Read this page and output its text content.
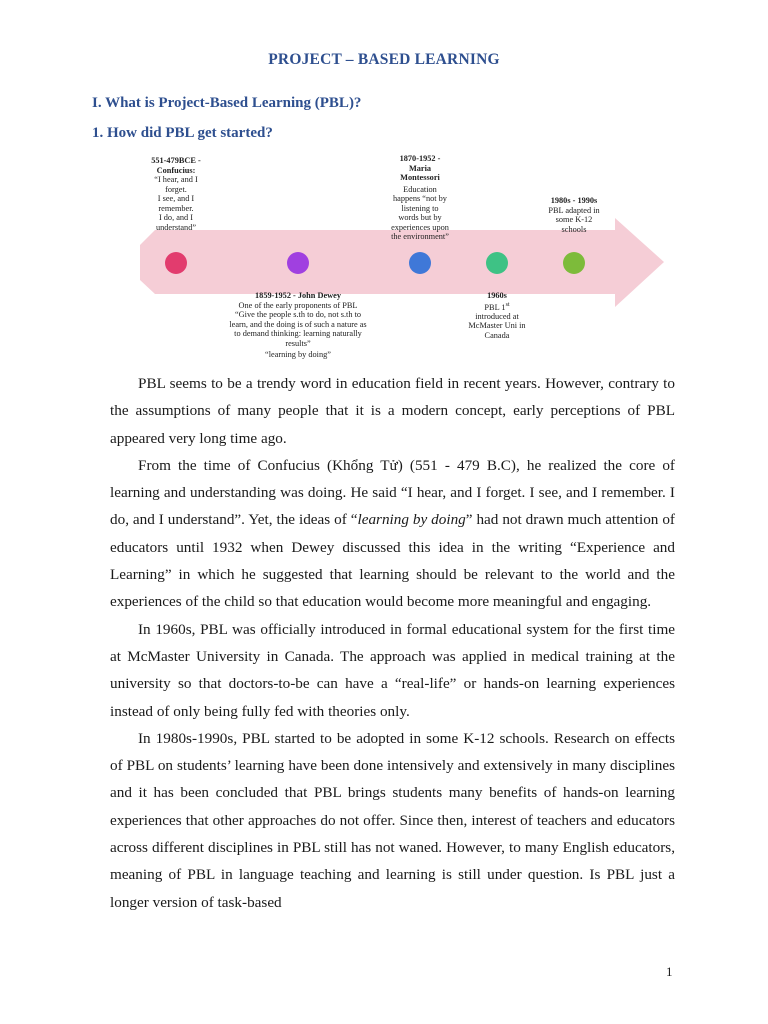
PROJECT – BASED LEARNING
I. What is Project-Based Learning (PBL)?
1. How did PBL get started?
551-479BCE -
Confucius:
“I hear, and I
forget.
I see, and I
remember.
I do, and I
understand”
1859-1952 - John Dewey
One of the early proponents of PBL
“Give the people s.th to do, not s.th to
learn, and the doing is of such a nature as
to demand thinking: learning naturally
results”
“learning by doing”
1870-1952 -
Maria
Montessori
Education
happens “not by
listening to
words but by
experiences upon
the environment”
1960s
PBL 1st
introduced at
McMaster Uni in
Canada
1980s - 1990s
PBL adapted in
some K-12
schools

PBL seems to be a trendy word in education field in recent years. However, contrary to the assumptions of many people that it is a modern concept, early perceptions of PBL appeared very long time ago.

From the time of Confucius (Khổng Tử) (551 - 479 B.C), he realized the core of learning and understanding was doing. He said “I hear, and I forget. I see, and I remember. I do, and I understand”. Yet, the ideas of “learning by doing” had not drawn much attention of educators until 1932 when Dewey discussed this idea in the writing “Experience and Learning” in which he suggested that learning should be relevant to the world and the experiences of the child so that education would become more meaningful and engaging.

In 1960s, PBL was officially introduced in formal educational system for the first time at McMaster University in Canada. The approach was applied in medical training at the university so that doctors-to-be can have a “real-life” or hands-on learning experiences instead of only being fully fed with theories only.

In 1980s-1990s, PBL started to be adopted in some K-12 schools. Research on effects of PBL on students’ learning have been done intensively and extensively in many disciplines and it has been concluded that PBL brings students many benefits of hands-on learning experiences that other approaches do not offer. Since then, interest of teachers and educators across different disciplines in PBL still has not waned. However, to many English educators, meaning of PBL in language teaching and learning is still under question. Is PBL just a longer version of task-based

1
